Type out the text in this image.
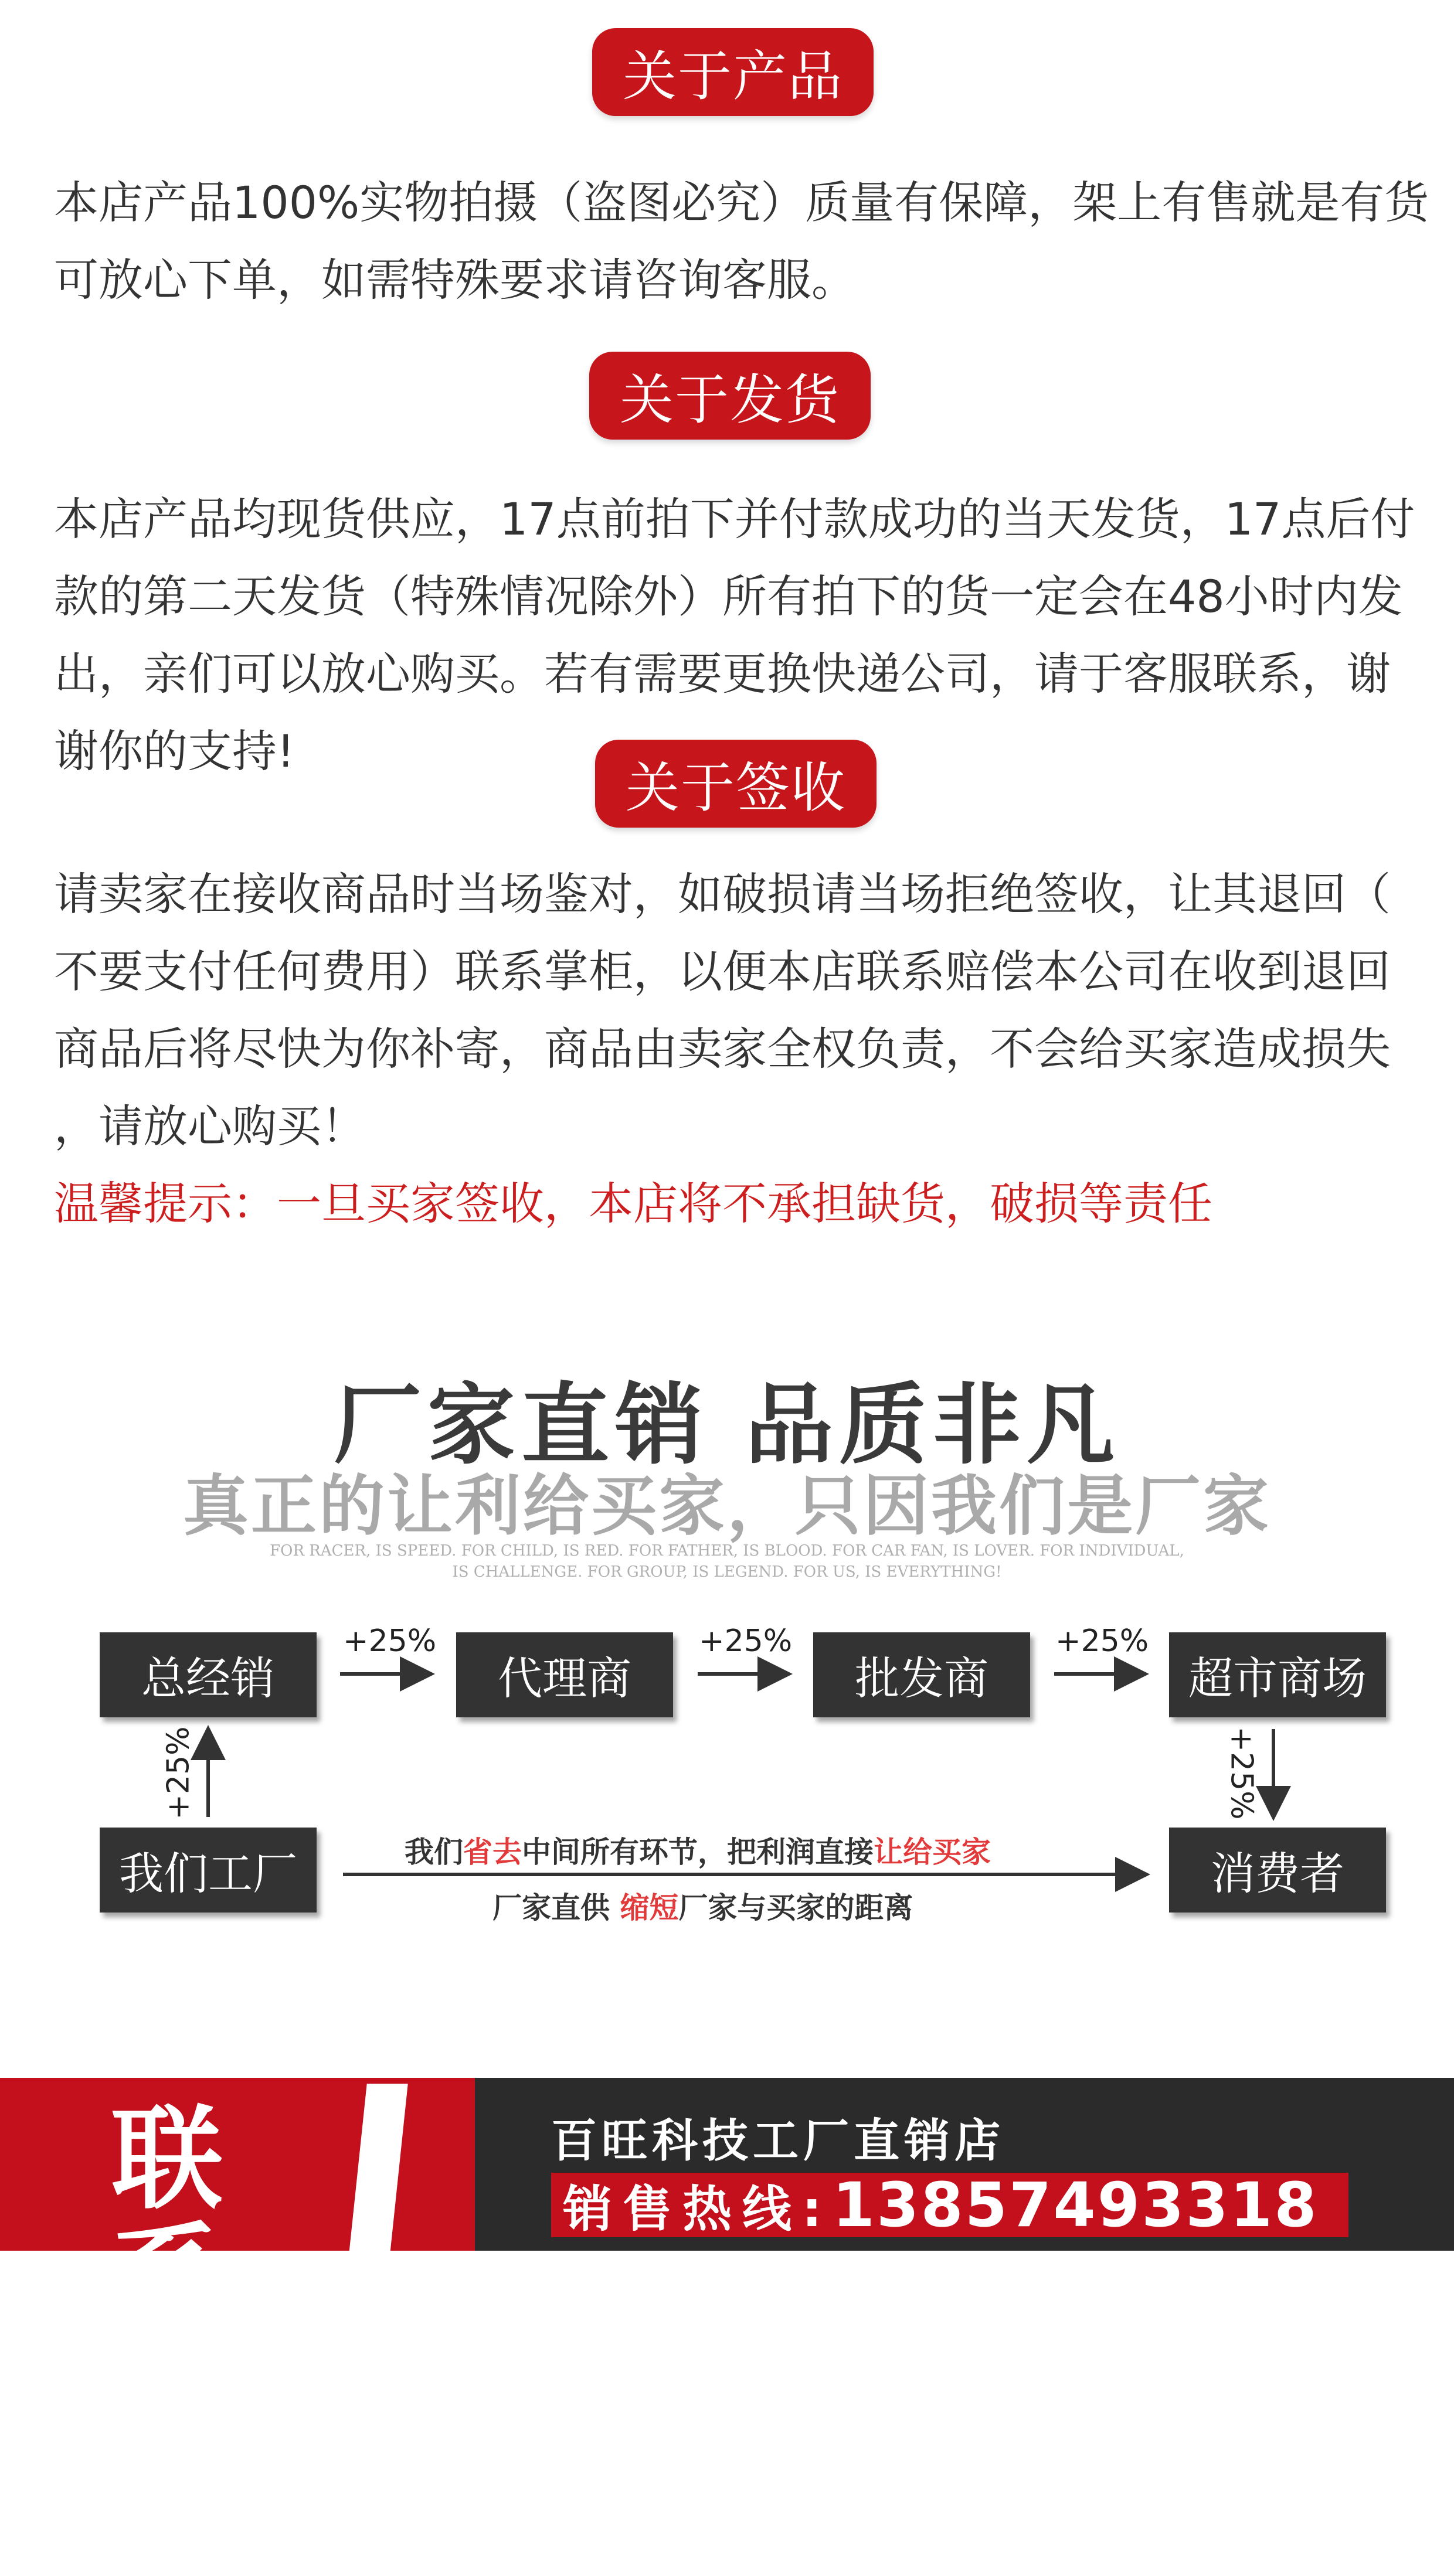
关于产品

本店产品100%实物拍摄（盗图必究）质量有保障，架上有售就是有货
可放心下单，如需特殊要求请咨询客服。

关于发货

本店产品均现货供应，17点前拍下并付款成功的当天发货，17点后付
款的第二天发货（特殊情况除外）所有拍下的货一定会在48小时内发
出，亲们可以放心购买。若有需要更换快递公司，请于客服联系，谢
谢你的支持!

关于签收

请卖家在接收商品时当场鉴对，如破损请当场拒绝签收，让其退回（
不要支付任何费用）联系掌柜，以便本店联系赔偿本公司在收到退回
商品后将尽快为你补寄，商品由卖家全权负责，不会给买家造成损失
，请放心购买！

温馨提示：一旦买家签收，本店将不承担缺货，破损等责任

厂家直销 品质非凡
真正的让利给买家，只因我们是厂家
FOR RACER, IS SPEED. FOR CHILD, IS RED. FOR FATHER, IS BLOOD. FOR CAR FAN, IS LOVER. FOR INDIVIDUAL,
IS CHALLENGE. FOR GROUP, IS LEGEND. FOR US, IS EVERYTHING!
总经销	代理商	批发商	超市商场
我们工厂	消费者
+25%	+25%	+25%
+25%	+25%
我们省去中间所有环节，把利润直接让给买家
厂家直供 缩短厂家与买家的距离
联系我们
百旺科技工厂直销店
销售热线: 13857493318
